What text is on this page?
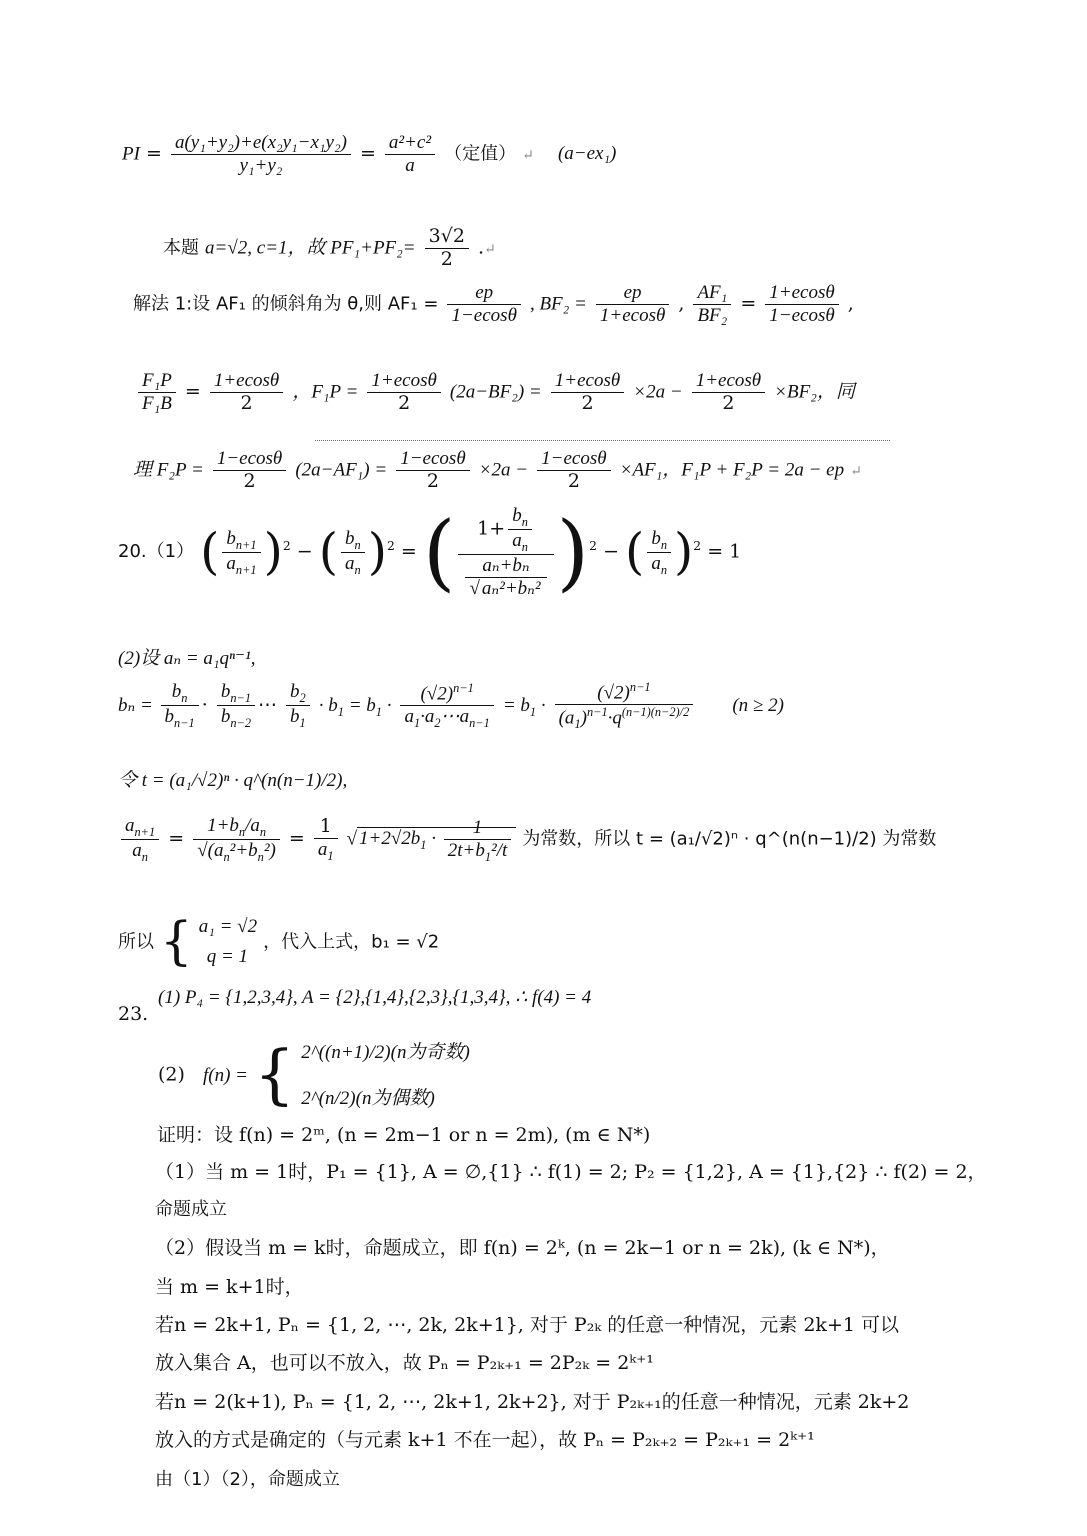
PI = $\frac{\text{a(y₁+y₂)+e(x₂y₁−x₁y₂)}}{\text{y₁+y₂}} = \frac{\text{a²+c²}}{a}$ （定值） ↵ (a−ex₁)
本题 a=√2, c=1，故 $PF_1+PF_2= \frac{3√2}{2}$ .↵
解法 1:设 AF₁ 的倾斜角为 θ,则 $AF_1 = \frac{ep}{1-ecos\theta}$ , $BF_2 = \frac{ep}{1+ecos\theta}$ , $\frac{\text{AF₁}}{\text{BF₂}} = \frac{1+ecos\theta}{1-ecos\theta}$ ,
$\frac{\text{F₁P}}{\text{F₁B}} = \frac{1+ecos\theta}{2}$ ，$F_1P = \frac{1+ecos\theta}{2} (2a-BF_2) = \frac{1+ecos\theta}{2} \times 2a - \frac{1+ecos\theta}{2} \times BF_2$，同
理 $F_2P = \frac{1-ecos\theta}{2} (2a-AF_1) = \frac{1-ecos\theta}{2} \times 2a - \frac{1-ecos\theta}{2} \times AF_1$，F₁P + F₂P = 2a − ep ↵
20.（1） ( $\frac{b_{n+1}}{a_{n+1}} )^2$ − ( $\frac{b_n}{a_n} )^2$ = ( $\frac{1+ \frac{b_n}{a_n}}{\frac{\text{aₙ+bₙ}}{\text{√ aₙ²+bₙ²}}} )^2$ − ( $\frac{b_n}{a_n} )^2 = 1$
(2)设 aₙ = a₁qⁿ⁻¹,
$b_n = \frac{b_n}{b_{n-1}} \cdot \frac{b_{n-1}}{b_{n-2}}$ ⋯ $\frac{b_2}{b_1} \cdot b_1 = b_1 \cdot \frac{(√2)^{n-1}}{a_1\cdot a_2\cdots a_{n-1}} = b_1 \cdot \frac{(√2)^{n-1}}{(a_1)^{n-1}\cdot q^{(n-1)(n-2)/2}} (n \ge 2)$
令 t = (a₁/√2)ⁿ · q^(n(n−1)/2),
$\frac{a_{n+1}}{a_n} = \frac{1+b_n/a_n}{√(a_n^2+b_n^2)} = \frac{1}{a_1}$ √ $1+2√2b_1 \cdot \frac{1}{2t+b_1^2/t}$ 为常数，所以 t = (a₁/√2)ⁿ · q^(n(n−1)/2) 为常数
所以 { a₁ = √2
q = 1
，代入上式，b₁ = √2
23.
(1) P₄ = {1,2,3,4}, A = {2},{1,4},{2,3},{1,3,4}, ∴ f(4) = 4
(2) f(n) = { 2^((n+1)/2)(n为奇数)
2^(n/2)(n为偶数)
证明：设 f(n) = 2ᵐ, (n = 2m−1 or n = 2m), (m ∈ N*)
（1）当 m = 1时，P₁ = {1}, A = ∅,{1} ∴ f(1) = 2; P₂ = {1,2}, A = {1},{2} ∴ f(2) = 2，
命题成立
（2）假设当 m = k时，命题成立，即 f(n) = 2ᵏ, (n = 2k−1 or n = 2k), (k ∈ N*)，
当 m = k+1时，
若n = 2k+1, Pₙ = {1, 2, ⋯, 2k, 2k+1}, 对于 P₂ₖ 的任意一种情况，元素 2k+1 可以
放入集合 A，也可以不放入，故 Pₙ = P₂ₖ₊₁ = 2P₂ₖ = 2ᵏ⁺¹
若n = 2(k+1), Pₙ = {1, 2, ⋯, 2k+1, 2k+2}, 对于 P₂ₖ₊₁的任意一种情况，元素 2k+2
放入的方式是确定的（与元素 k+1 不在一起），故 Pₙ = P₂ₖ₊₂ = P₂ₖ₊₁ = 2ᵏ⁺¹
由（1）（2），命题成立
